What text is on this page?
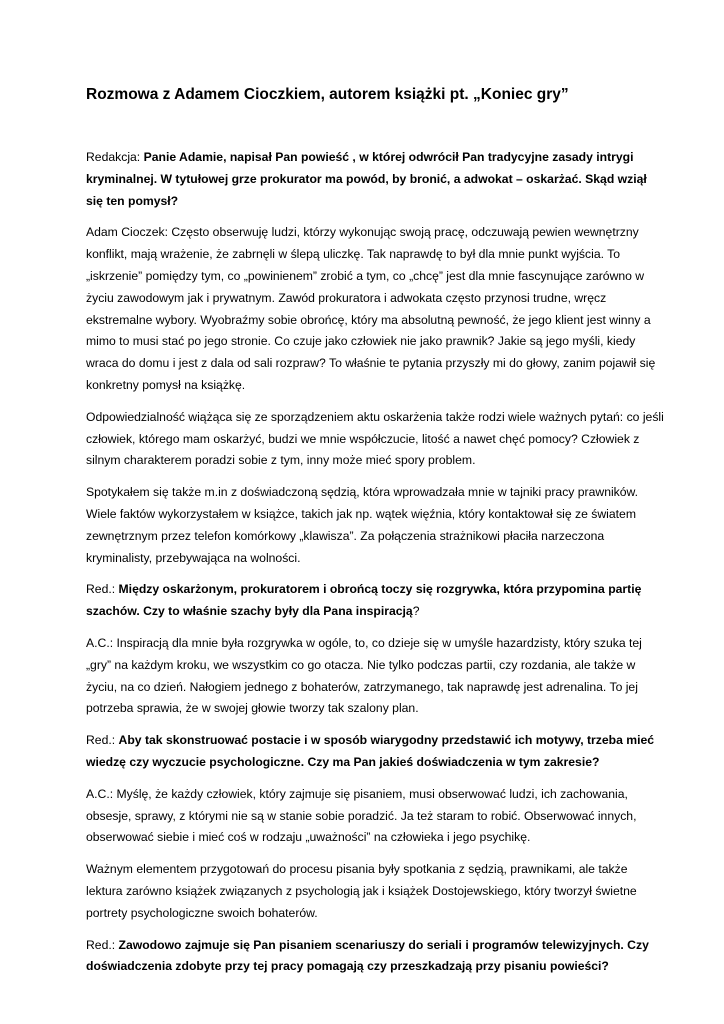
Rozmowa z Adamem Cioczkiem, autorem książki pt. „Koniec gry”

Redakcja: Panie Adamie, napisał Pan powieść , w której odwrócił Pan tradycyjne zasady intrygi kryminalnej. W tytułowej grze prokurator ma powód, by bronić, a adwokat – oskarżać. Skąd wziął się ten pomysł?

Adam Cioczek: Często obserwuję ludzi, którzy wykonując swoją pracę, odczuwają pewien wewnętrzny konflikt, mają wrażenie, że zabrnęli w ślepą uliczkę. Tak naprawdę to był dla mnie punkt wyjścia. To „iskrzenie” pomiędzy tym, co „powinienem” zrobić a tym, co „chcę” jest dla mnie fascynujące zarówno w życiu zawodowym jak i prywatnym. Zawód prokuratora i adwokata często przynosi trudne, wręcz ekstremalne wybory. Wyobraźmy sobie obrońcę, który ma absolutną pewność, że jego klient jest winny a mimo to musi stać po jego stronie. Co czuje jako człowiek nie jako prawnik? Jakie są jego myśli, kiedy wraca do domu i jest z dala od sali rozpraw? To właśnie te pytania przyszły mi do głowy, zanim pojawił się konkretny pomysł na książkę.

Odpowiedzialność wiążąca się ze sporządzeniem aktu oskarżenia także rodzi wiele ważnych pytań: co jeśli człowiek, którego mam oskarżyć, budzi we mnie współczucie, litość a nawet chęć pomocy? Człowiek z silnym charakterem poradzi sobie z tym, inny może mieć spory problem.

Spotykałem się także m.in z doświadczoną sędzią, która wprowadzała mnie w tajniki pracy prawników. Wiele faktów wykorzystałem w książce, takich jak np. wątek więźnia, który kontaktował się ze światem zewnętrznym przez telefon komórkowy „klawisza”. Za połączenia strażnikowi płaciła narzeczona kryminalisty, przebywająca na wolności.

Red.: Między oskarżonym, prokuratorem i obrońcą toczy się rozgrywka, która przypomina partię szachów. Czy to właśnie szachy były dla Pana inspiracją?

A.C.: Inspiracją dla mnie była rozgrywka w ogóle, to, co dzieje się w umyśle hazardzisty, który szuka tej „gry” na każdym kroku, we wszystkim co go otacza. Nie tylko podczas partii, czy rozdania, ale także w życiu, na co dzień. Nałogiem jednego z bohaterów, zatrzymanego, tak naprawdę jest adrenalina. To jej potrzeba sprawia, że w swojej głowie tworzy tak szalony plan.

Red.: Aby tak skonstruować postacie i w sposób wiarygodny przedstawić ich motywy, trzeba mieć wiedzę czy wyczucie psychologiczne. Czy ma Pan jakieś doświadczenia w tym zakresie?

A.C.: Myślę, że każdy człowiek, który zajmuje się pisaniem, musi obserwować ludzi, ich zachowania, obsesje, sprawy, z którymi nie są w stanie sobie poradzić. Ja też staram to robić. Obserwować innych, obserwować siebie i mieć coś w rodzaju „uważności” na człowieka i jego psychikę.

Ważnym elementem przygotowań do procesu pisania były spotkania z sędzią, prawnikami, ale także lektura zarówno książek związanych z psychologią jak i książek Dostojewskiego, który tworzył świetne portrety psychologiczne swoich bohaterów.

Red.: Zawodowo zajmuje się Pan pisaniem scenariuszy do seriali i programów telewizyjnych. Czy doświadczenia zdobyte przy tej pracy pomagają czy przeszkadzają przy pisaniu powieści?
